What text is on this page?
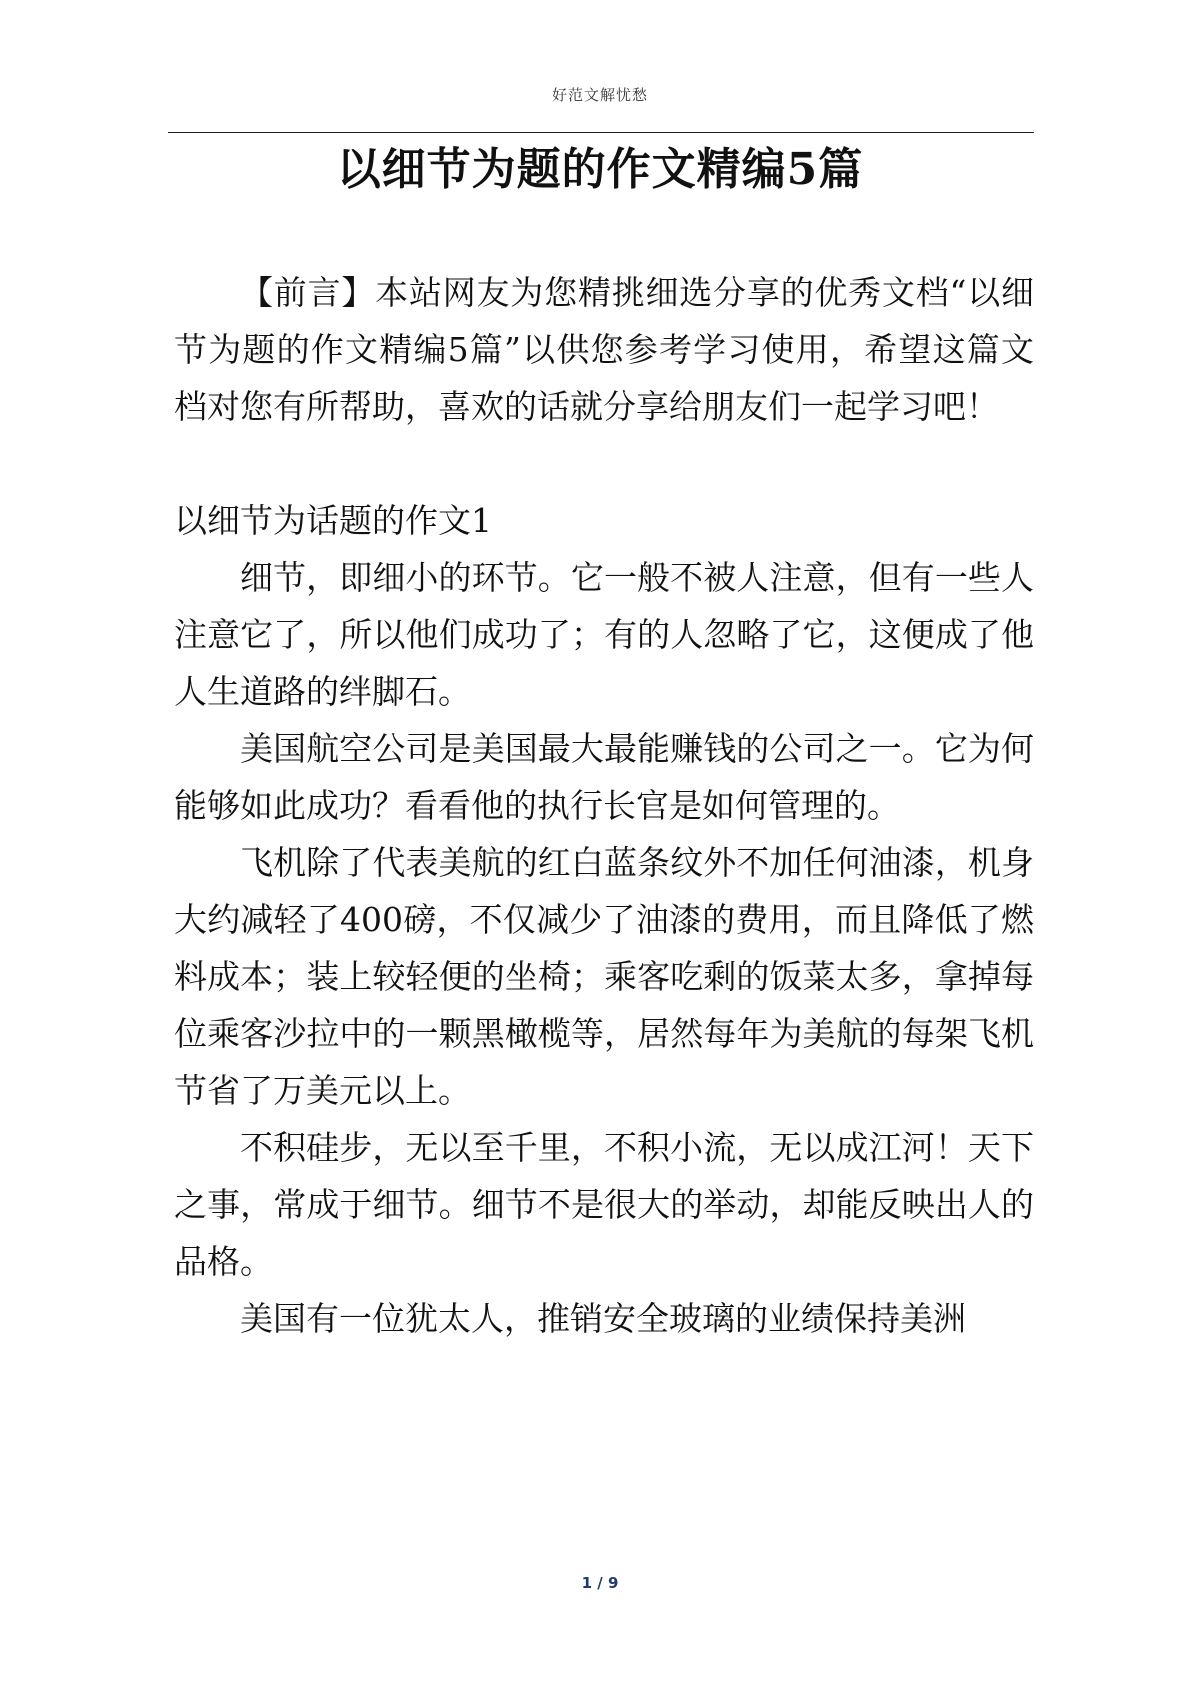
好范文解忧愁
以细节为题的作文精编5篇

【前言】本站网友为您精挑细选分享的优秀文档“以细节为题的作文精编5篇”以供您参考学习使用，希望这篇文档对您有所帮助，喜欢的话就分享给朋友们一起学习吧！

以细节为话题的作文1

细节，即细小的环节。它一般不被人注意，但有一些人注意它了，所以他们成功了；有的人忽略了它，这便成了他人生道路的绊脚石。

美国航空公司是美国最大最能赚钱的公司之一。它为何能够如此成功？看看他的执行长官是如何管理的。

飞机除了代表美航的红白蓝条纹外不加任何油漆，机身大约减轻了400磅，不仅减少了油漆的费用，而且降低了燃料成本；装上较轻便的坐椅；乘客吃剩的饭菜太多，拿掉每位乘客沙拉中的一颗黑橄榄等，居然每年为美航的每架飞机节省了万美元以上。

不积硅步，无以至千里，不积小流，无以成江河！天下之事，常成于细节。细节不是很大的举动，却能反映出人的品格。

美国有一位犹太人，推销安全玻璃的业绩保持美洲

1 / 9
